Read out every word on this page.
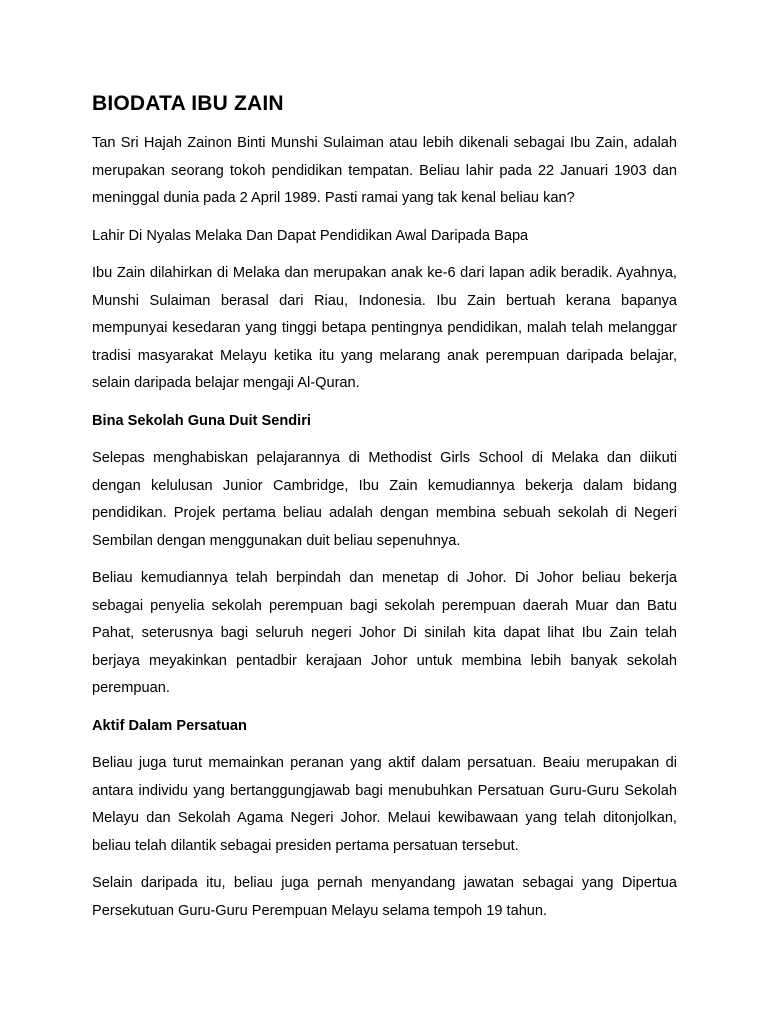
BIODATA IBU ZAIN

Tan Sri Hajah Zainon Binti Munshi Sulaiman atau lebih dikenali sebagai Ibu Zain, adalah merupakan seorang tokoh pendidikan tempatan. Beliau lahir pada 22 Januari 1903 dan meninggal dunia pada 2 April 1989. Pasti ramai yang tak kenal beliau kan?

Lahir Di Nyalas Melaka Dan Dapat Pendidikan Awal Daripada Bapa

Ibu Zain dilahirkan di Melaka dan merupakan anak ke-6 dari lapan adik beradik. Ayahnya, Munshi Sulaiman berasal dari Riau, Indonesia. Ibu Zain bertuah kerana bapanya mempunyai kesedaran yang tinggi betapa pentingnya pendidikan, malah telah melanggar tradisi masyarakat Melayu ketika itu yang melarang anak perempuan daripada belajar, selain daripada belajar mengaji Al-Quran.

Bina Sekolah Guna Duit Sendiri

Selepas menghabiskan pelajarannya di Methodist Girls School di Melaka dan diikuti dengan kelulusan Junior Cambridge, Ibu Zain kemudiannya bekerja dalam bidang pendidikan. Projek pertama beliau adalah dengan membina sebuah sekolah di Negeri Sembilan dengan menggunakan duit beliau sepenuhnya.

Beliau kemudiannya telah berpindah dan menetap di Johor. Di Johor beliau bekerja sebagai penyelia sekolah perempuan bagi sekolah perempuan daerah Muar dan Batu Pahat, seterusnya bagi seluruh negeri Johor Di sinilah kita dapat lihat Ibu Zain telah berjaya meyakinkan pentadbir kerajaan Johor untuk membina lebih banyak sekolah perempuan.

Aktif Dalam Persatuan

Beliau juga turut memainkan peranan yang aktif dalam persatuan. Beaiu merupakan di antara individu yang bertanggungjawab bagi menubuhkan Persatuan Guru-Guru Sekolah Melayu dan Sekolah Agama Negeri Johor. Melaui kewibawaan yang telah ditonjolkan, beliau telah dilantik sebagai presiden pertama persatuan tersebut.

Selain daripada itu, beliau juga pernah menyandang jawatan sebagai yang Dipertua Persekutuan Guru-Guru Perempuan Melayu selama tempoh 19 tahun.
